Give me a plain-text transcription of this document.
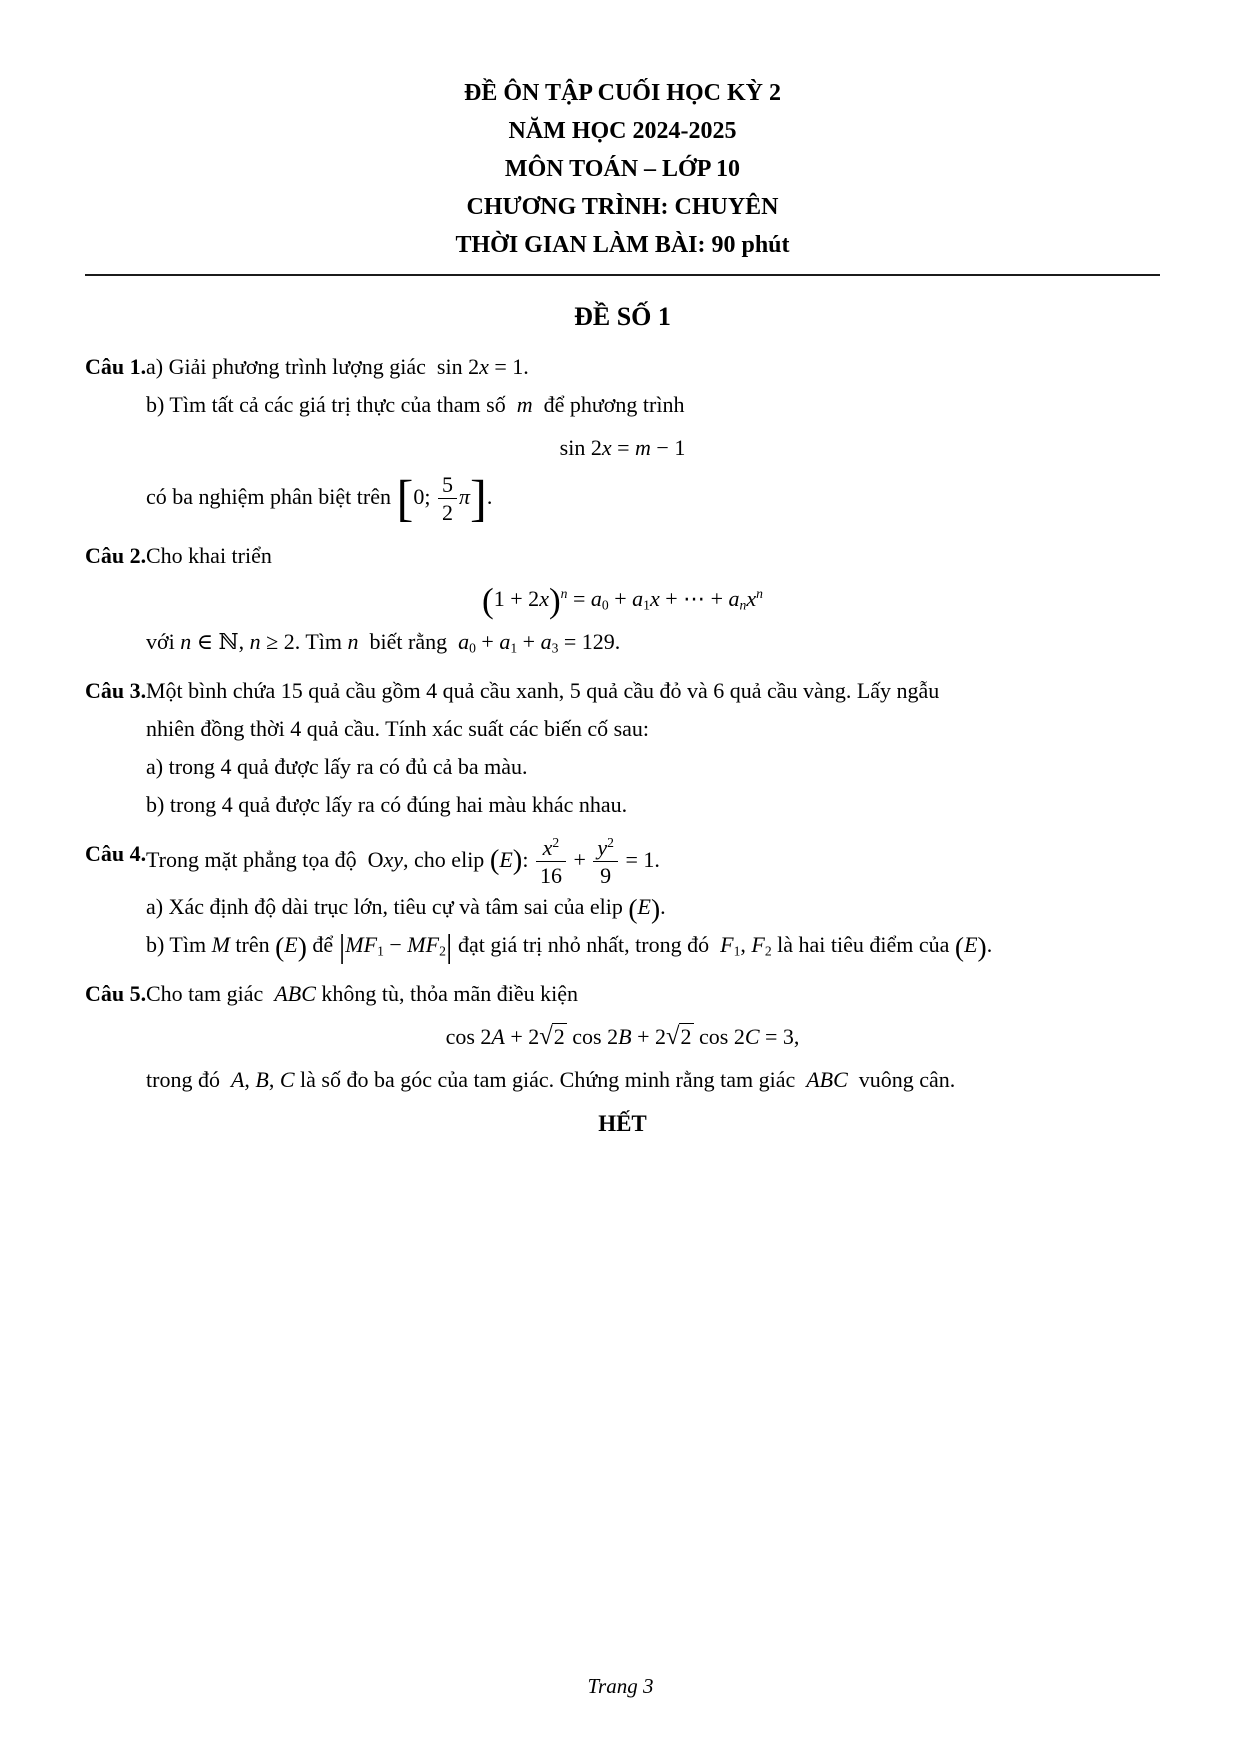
ĐỀ ÔN TẬP CUỐI HỌC KỲ 2
NĂM HỌC 2024-2025
MÔN TOÁN – LỚP 10
CHƯƠNG TRÌNH: CHUYÊN
THỜI GIAN LÀM BÀI: 90 phút
ĐỀ SỐ 1
Câu 1. a) Giải phương trình lượng giác  sin 2x = 1.
b) Tìm tất cả các giá trị thực của tham số  m  để phương trình
sin 2x = m − 1
có ba nghiệm phân biệt trên [0; $\frac{5}{2} \pi$].
Câu 2. Cho khai triển
$(1 + 2x)^n = a0 + a1x$ + ⋯ + anx$^n$
với n ∈ ℕ, n ≥ 2. Tìm n  biết rằng  a0 + a1 + a3 = 129.
Câu 3. Một bình chứa 15 quả cầu gồm 4 quả cầu xanh, 5 quả cầu đỏ và 6 quả cầu vàng. Lấy ngẫu
nhiên đồng thời 4 quả cầu. Tính xác suất các biến cố sau:
a) trong 4 quả được lấy ra có đủ cả ba màu.
b) trong 4 quả được lấy ra có đúng hai màu khác nhau.
Câu 4. Trong mặt phẳng tọa độ  Oxy, cho elip (E): $\frac{x^2}{16} + \frac{y^2}{9} = 1$.
a) Xác định độ dài trục lớn, tiêu cự và tâm sai của elip (E).
b) Tìm M trên (E) để |MF1 − MF2| đạt giá trị nhỏ nhất, trong đó  F1, F2 là hai tiêu điểm của (E).
Câu 5. Cho tam giác  ABC không tù, thỏa mãn điều kiện
cos 2A + 2√2 cos 2B + 2√2 cos 2C = 3,
trong đó  A, B, C là số đo ba góc của tam giác. Chứng minh rằng tam giác  ABC  vuông cân.
HẾT
Trang 3
